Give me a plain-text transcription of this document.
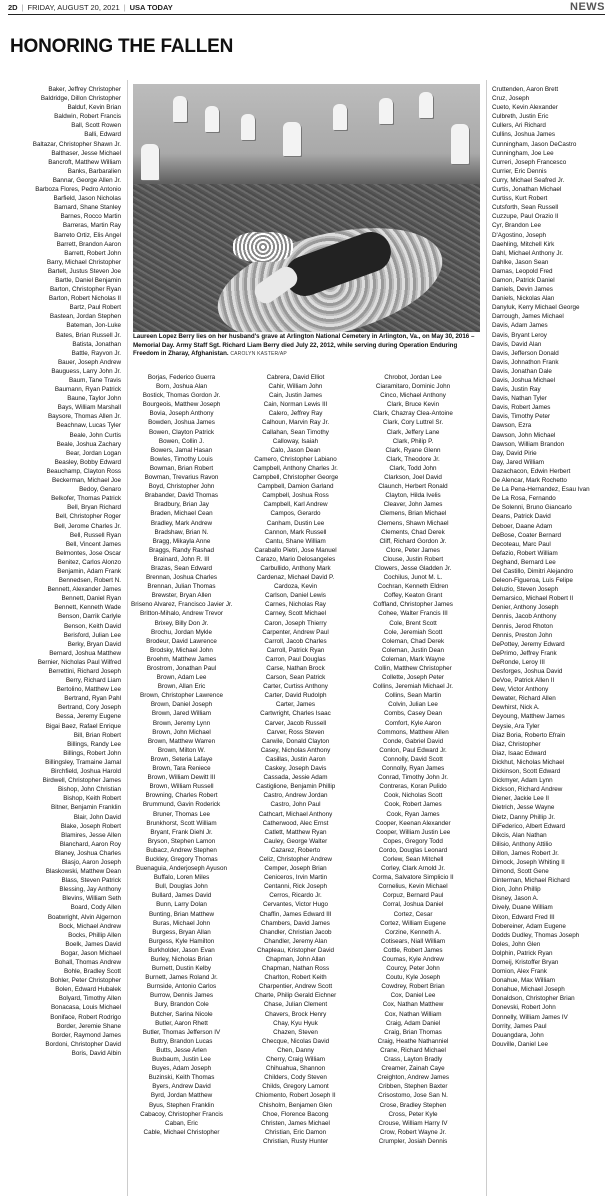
2D | FRIDAY, AUGUST 20, 2021 | USA TODAY	NEWS
HONORING THE FALLEN
Laureen Lopez Berry lies on her husband's grave at Arlington National Cemetery in Arlington, Va., on May 30, 2016 – Memorial Day. Army Staff Sgt. Richard Liam Berry died July 22, 2012, while serving during Operation Enduring Freedom in Zharay, Afghanistan. CAROLYN KASTER/AP
Baker, Jeffrey Christopher
Baldridge, Dillon Christopher
Balduf, Kevin Brian
Baldwin, Robert Francis
Ball, Scott Rowen
Balli, Edward
Baltazar, Christopher Shawn Jr.
Balthaser, Jesse Michael
Bancroft, Matthew William
Banks, Barbaralien
Bannar, George Allen Jr.
Barboza Flores, Pedro Antonio
Barfield, Jason Nicholas
Barnard, Shane Stanley
Barnes, Rocco Martin
Barreras, Martin Ray
Barreto Ortiz, Elis Angel
Barrett, Brandon Aaron
Barrett, Robert John
Barry, Michael Christopher
Bartelt, Justus Steven Joe
Bartle, Daniel Benjamin
Barton, Christopher Ryan
Barton, Robert Nicholas II
Bartz, Paul Robert
Bastean, Jordan Stephen
Bateman, Jon-Luke
Bates, Brian Russell Jr.
Batista, Jonathan
Battle, Rayvon Jr.
Bauer, Joseph Andrew
Bauguess, Larry John Jr.
Baum, Tane Travis
Baumann, Ryan Patrick
Baune, Taylor John
Bays, William Marshall
Baysore, Thomas Allen Jr.
Beachnaw, Lucas Tyler
Beale, John Curtis
Beale, Joshua Zachary
Bear, Jordan Logan
Beasley, Bobby Edward
Beauchamp, Clayton Ross
Beckerman, Michael Joe
Bedoy, Genaro
Belkofer, Thomas Patrick
Bell, Bryan Richard
Bell, Christopher Roger
Bell, Jerome Charles Jr.
Bell, Russell Ryan
Bell, Vincent James
Belmontes, Jose Oscar
Benitez, Carlos Alonzo
Benjamin, Adam Frank
Bennedsen, Robert N.
Bennett, Alexander James
Bennett, Daniel Ryan
Bennett, Kenneth Wade
Benson, Darrik Carlyle
Benson, Keith David
Berisford, Julian Lee
Berky, Bryan David
Bernard, Joshua Matthew
Bernier, Nicholas Paul Wilfred
Berrettini, Richard Joseph
Berry, Richard Liam
Bertolino, Matthew Lee
Bertrand, Ryan Pahl
Bertrand, Cory Joseph
Bessa, Jeremy Eugene
Bigai Baez, Rafael Enrique
Bill, Brian Robert
Billings, Randy Lee
Billings, Robert John
Billingsley, Tramaine Jamal
Birchfield, Joshua Harold
Birdwell, Christopher James
Bishop, John Christian
Bishop, Keith Robert
Bitner, Benjamin Franklin
Blair, John David
Blake, Joseph Robert
Blamires, Jesse Allen
Blanchard, Aaron Roy
Blaney, Joshua Charles
Blasjo, Aaron Joseph
Blaskowski, Matthew Dean
Blass, Steven Patrick
Blessing, Jay Anthony
Blevins, William Seth
Board, Cody Allen
Boatwright, Alvin Algernon
Bock, Michael Andrew
Bocks, Phillip Allen
Boelk, James David
Bogar, Jason Michael
Bohall, Thomas Andrew
Bohle, Bradley Scott
Bohler, Peter Christopher
Bolen, Edward Hubalek
Bolyard, Timothy Allen
Bonacasa, Louis Michael
Boniface, Robert Rodrigo
Border, Jeremie Shane
Border, Raymond James
Bordoni, Christopher David
Boris, David Albin
Borjas, Federico Guerra
Born, Joshua Alan
Bostick, Thomas Gordon Jr.
Bourgeois, Matthew Joseph
Bovia, Joseph Anthony
Bowden, Joshua James
Bowen, Clayton Patrick
Bowen, Collin J.
Bowers, Jamal Hasan
Bowles, Timothy Louis
Bowman, Brian Robert
Bowman, Trevarius Ravon
Boyd, Christopher John
Brabander, David Thomas
Bradbury, Brian Jay
Braden, Michael Cean
Bradley, Mark Andrew
Bradshaw, Brian N.
Bragg, Mikayla Anne
Braggs, Randy Rashad
Brainard, John R. III
Brazas, Sean Edward
Brennan, Joshua Charles
Brennan, Julian Thomas
Brewster, Bryan Allen
Briseno Alvarez, Francisco Javier Jr.
Britton-Mihalo, Andrew Trevor
Brixey, Billy Don Jr.
Brochu, Jordan Mykle
Brodeur, David Lawrence
Brodsky, Michael John
Broehm, Matthew James
Brostrom, Jonathan Paul
Brown, Adam Lee
Brown, Allan Eric
Brown, Christopher Lawrence
Brown, Daniel Joseph
Brown, Jared William
Brown, Jeremy Lynn
Brown, John Michael
Brown, Matthew Warren
Brown, Milton W.
Brown, Seteria Lafaye
Brown, Tara Reniece
Brown, William Dewitt III
Brown, William Russell
Browning, Charles Robert
Brummund, Gavin Roderick
Bruner, Thomas Lee
Brunkhorst, Scott William
Bryant, Frank Diehl Jr.
Bryson, Stephen Lamon
Bubacz, Andrew Stephen
Buckley, Gregory Thomas
Buenaguia, Anderjoseph Ayuson
Buffalo, Loren Miles
Bull, Douglas John
Bullard, James David
Bunn, Larry Dolan
Bunting, Brian Matthew
Buras, Michael John
Burgess, Bryan Allan
Burgess, Kyle Hamilton
Burkholder, Jason Evan
Burley, Nicholas Brian
Burnett, Dustin Kelby
Burnett, James Roland Jr.
Burnside, Antonio Carlos
Burrow, Dennis James
Bury, Brandon Cole
Butcher, Sarina Nicole
Butler, Aaron Rhett
Butler, Thomas Jefferson IV
Buttry, Brandon Lucas
Butts, Jesse Arlen
Buxbaum, Justin Lee
Buyes, Adam Joseph
Buzinski, Keith Thomas
Byers, Andrew David
Byrd, Jordan Matthew
Byus, Stephen Franklin
Cabacoy, Christopher Francis
Caban, Eric
Cable, Michael Christopher
Cabrera, David Elliot
Cahir, William John
Cain, Justin James
Cain, Norman Lewis III
Calero, Jeffrey Ray
Calhoun, Marvin Ray Jr.
Callahan, Sean Timothy
Calloway, Isaiah
Calo, Jason Dean
Camero, Christopher Labiano
Campbell, Anthony Charles Jr.
Campbell, Christopher George
Campbell, Damion Garland
Campbell, Joshua Ross
Campbell, Karl Andrew
Campos, Gerardo
Canham, Dustin Lee
Cannon, Mark Russell
Cantu, Shane William
Caraballo Pietri, Jose Manuel
Carazo, Mario Delosangeles
Carbullido, Anthony Mark
Cardenaz, Michael David P.
Cardoza, Kevin
Carlson, Daniel Lewis
Carnes, Nicholas Ray
Carney, Scott Michael
Caron, Joseph Thierry
Carpenter, Andrew Paul
Carroll, Jacob Charles
Carroll, Patrick Ryan
Carron, Paul Douglas
Carse, Nathan Brock
Carson, Sean Patrick
Carter, Curtiss Anthony
Carter, David Rudolph
Carter, James
Cartwright, Charles Isaac
Carver, Jacob Russell
Carver, Ross Steven
Carwile, Donald Clayton
Casey, Nicholas Anthony
Casillas, Justin Aaron
Caskey, Joseph Davis
Cassada, Jessie Adam
Castiglione, Benjamin Phillip
Castro, Andrew Jordan
Castro, John Paul
Cathcart, Michael Anthony
Catherwood, Alec Ernst
Catlett, Matthew Ryan
Cauley, George Walter
Cazarez, Roberto
Celiz, Christopher Andrew
Cemper, Joseph Brian
Ceniceros, Irvin Martin
Centanni, Rick Joseph
Cerros, Ricardo Jr.
Cervantes, Victor Hugo
Chaffin, James Edward III
Chambers, David James
Chandler, Christian Jacob
Chandler, Jeremy Alan
Chapleau, Kristopher David
Chapman, John Allan
Chapman, Nathan Ross
Charlton, Robert Keith
Charpentier, Andrew Scott
Charte, Philip Gerald Eichner
Chase, Julian Clement
Chavers, Brock Henry
Chay, Kyu Hyuk
Chazen, Steven
Checque, Nicolas David
Chen, Danny
Cherry, Craig William
Chihuahua, Shannon
Childers, Cody Steven
Childs, Gregory Lamont
Chiomento, Robert Joseph II
Chisholm, Benjamen Glen
Choe, Florence Bacong
Christen, James Michael
Christian, Eric Damon
Christian, Rusty Hunter
Chrobot, Jordan Lee
Ciaramitaro, Dominic John
Cinco, Michael Anthony
Clark, Bruce Kevin
Clark, Chazray Clea-Antoine
Clark, Cory Luttrel Sr.
Clark, Jeffery Lane
Clark, Philip P.
Clark, Ryane Glenn
Clark, Theodore Jr.
Clark, Todd John
Clarkson, Joel David
Claunch, Herbert Ronald
Clayton, Hilda Ivelis
Cleaver, John James
Clemens, Brian Michael
Clemens, Shawn Michael
Clements, Chad Derek
Cliff, Richard Gordon Jr.
Clore, Peter James
Clouse, Justin Robert
Clowers, Jesse Gladden Jr.
Cochilus, Junot M. L.
Cochran, Kenneth Eldren
Coffey, Keaton Grant
Coffland, Christopher James
Cohee, Walter Francis III
Cole, Brent Scott
Cole, Jeremiah Scott
Coleman, Chad Derek
Coleman, Justin Dean
Coleman, Mark Wayne
Collin, Matthew Christopher
Collette, Joseph Peter
Collins, Jeremiah Michael Jr.
Collins, Sean Martin
Colvin, Julian Lee
Combs, Casey Dean
Comfort, Kyle Aaron
Commons, Matthew Allen
Conde, Gabriel David
Conlon, Paul Edward Jr.
Connolly, David Scott
Connolly, Ryan James
Conrad, Timothy John Jr.
Contreras, Koran Pulido
Cook, Nicholas Scott
Cook, Robert James
Cook, Ryan James
Cooper, Keenan Alexander
Cooper, William Justin Lee
Copes, Gregory Todd
Cordo, Douglas Leonard
Corlew, Sean Mitchell
Corley, Clark Arnold Jr.
Corma, Salvatore Simplicio II
Cornelius, Kevin Michael
Corpuz, Bernard Paul
Corral, Joshua Daniel
Cortez, Cesar
Cortez, William Eugene
Corzine, Kenneth A.
Cotisears, Niall William
Cottle, Robert James
Coumas, Kyle Andrew
Courcy, Peter John
Coutu, Kyle Joseph
Cowdrey, Robert Brian
Cox, Daniel Lee
Cox, Nathan Matthew
Cox, Nathan William
Craig, Adam Daniel
Craig, Brian Thomas
Craig, Heathe Nathanniel
Crane, Richard Michael
Crass, Layton Bradly
Creamer, Zainah Caye
Creighton, Andrew James
Cribben, Stephen Baxter
Crisostomo, Jose San N.
Crose, Bradley Stephen
Cross, Peter Kyle
Crouse, William Harry IV
Crow, Robert Wayne Jr.
Crumpler, Josiah Dennis
Cruttenden, Aaron Brett
Cruz, Joseph
Cueto, Kevin Alexander
Culbreth, Justin Eric
Cullers, Ari Richard
Cullins, Joshua James
Cunningham, Jason DeCastro
Cunningham, Joe Lee
Curreri, Joseph Francesco
Currier, Eric Dennis
Curry, Michael Seafred Jr.
Curtis, Jonathan Michael
Curtiss, Kurt Robert
Cutsforth, Sean Russell
Cuzzupe, Paul Orazio II
Cyr, Brandon Lee
D'Agostino, Joseph
Daehling, Mitchell Kirk
Dahl, Michael Anthony Jr.
Dahlke, Jason Sean
Damas, Leopold Fred
Damon, Patrick Daniel
Daniels, Devin James
Daniels, Nickolas Alan
Danyluk, Kerry Michael George
Darrough, James Michael
Davis, Adam James
Davis, Bryant Leroy
Davis, David Alan
Davis, Jefferson Donald
Davis, Johnathon Frank
Davis, Jonathan Dale
Davis, Joshua Michael
Davis, Justin Ray
Davis, Nathan Tyler
Davis, Robert James
Davis, Timothy Peter
Dawson, Ezra
Dawson, John Michael
Dawson, William Brandon
Day, David Pirie
Day, Jared William
Dazachacon, Edwin Herbert
De Alencar, Mark Rochetto
De La Pena-Hernandez, Esau Ivan
De La Rosa, Fernando
De Solenni, Bruno Giancarlo
Deans, Patrick David
Deboer, Daane Adam
DeBose, Coater Bernard
Decoteau, Marc Paul
Defazio, Robert William
Deghand, Bernard Lee
Del Castillo, Dimitri Alejandro
Deleon-Figueroa, Luis Felipe
Deluzio, Steven Joseph
Demarsico, Michael Robert II
Denier, Anthony Joseph
Dennis, Jacob Anthony
Dennis, Jerod Rhoton
Dennis, Preston John
DePottey, Jeremy Edward
DePrimo, Jeffrey Frank
DeRonde, Leroy III
Desforges, Joshua David
DeVoe, Patrick Allen II
Dew, Victor Anthony
Dewater, Richard Allen
Dewhirst, Nick A.
Deyoung, Matthew James
Deysie, Ara Tyler
Diaz Boria, Roberto Efrain
Diaz, Christopher
Diaz, Isaac Edward
Dickhut, Nicholas Michael
Dickinson, Scott Edward
Dickmyer, Adam Lynn
Dickson, Richard Andrew
Diener, Jackie Lee II
Dietrich, Jesse Wayne
Dietz, Danny Phillip Jr.
DiFederico, Albert Edward
Dikcis, Alan Nathan
Dilisio, Anthony Attilio
Dillon, James Robert Jr.
Dimock, Joseph Whiting II
Dimond, Scott Gene
Dinterman, Michael Richard
Dion, John Phillip
Disney, Jason A.
Dively, Duane William
Dixon, Edward Fred III
Dobereiner, Adam Eugene
Dodds Dudley, Thomas Joseph
Doles, John Glen
Dolphin, Patrick Ryan
Domeij, Kristoffer Bryan
Domion, Alex Frank
Donahue, Max William
Donahue, Michael Joseph
Donaldson, Christopher Brian
Donevski, Robert John
Donnelly, William James IV
Dorrity, James Paul
Douangdara, John
Douville, Daniel Lee
